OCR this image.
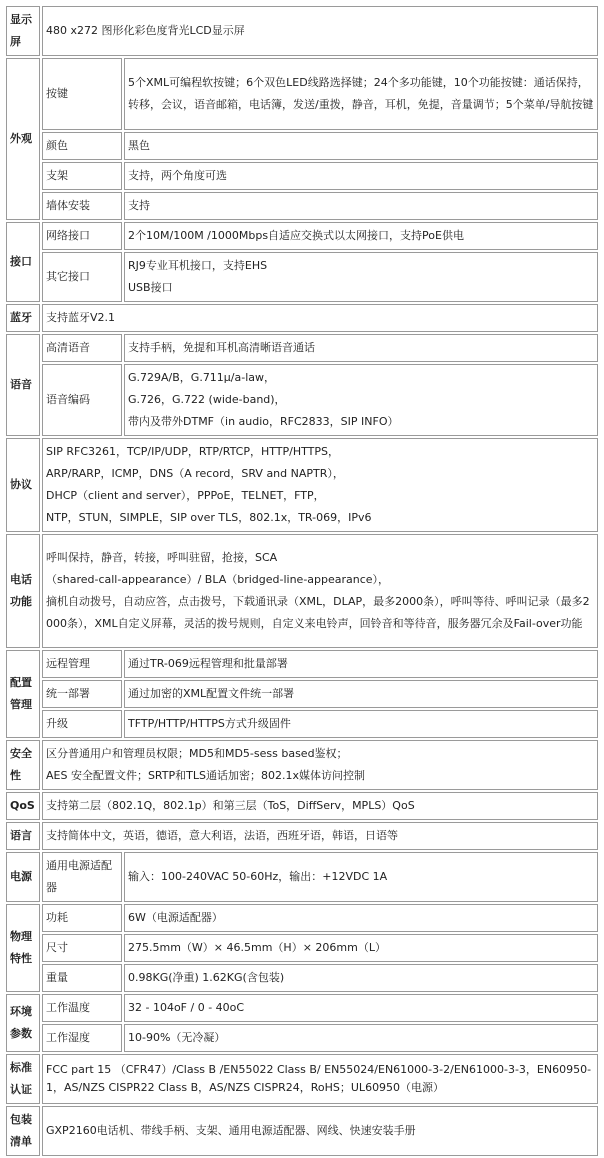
显示屏	480 x272 图形化彩色度背光LCD显示屏	
外观	按键	5个XML可编程软按键；6个双色LED线路选择键；24个多功能键，10个功能按键：通话保持，转移，会议，语音邮箱，电话簿，发送/重拨，静音，耳机，免提，音量调节；5个菜单/导航按键
	颜色	黑色
	支架	支持，两个角度可选
	墙体安装	支持
接口	网络接口	2个10M/100M /1000Mbps自适应交换式以太网接口，支持PoE供电
	其它接口	RJ9专业耳机接口，支持EHS
USB接口

蓝牙	支持蓝牙V2.1	
语音	高清语音	支持手柄，免提和耳机高清晰语音通话
	语音编码	G.729A/B，G.711μ/a-law，
G.726，G.722 (wide-band)，
带内及带外DTMF（in audio，RFC2833，SIP INFO）

协议	SIP RFC3261，TCP/IP/UDP，RTP/RTCP，HTTP/HTTPS，
ARP/RARP，ICMP，DNS（A record，SRV and NAPTR），
DHCP（client and server），PPPoE，TELNET，FTP，
NTP，STUN，SIMPLE，SIP over TLS，802.1x，TR-069，IPv6	

电话功能	呼叫保持，静音，转接，呼叫驻留，抢接，SCA
（shared-call-appearance）/ BLA（bridged-line-appearance），
摘机自动拨号，自动应答，点击拨号，下载通讯录（XML，DLAP，最多2000条），呼叫等待、呼叫记录（最多2000条），XML自定义屏幕，灵活的拨号规则，自定义来电铃声，回铃音和等待音，服务器冗余及Fail-over功能	

配置管理	远程管理	通过TR-069远程管理和批量部署
	统一部署	通过加密的XML配置文件统一部署
	升级	TFTP/HTTP/HTTPS方式升级固件
安全性	区分普通用户和管理员权限；MD5和MD5-sess based鉴权；
AES 安全配置文件；SRTP和TLS通话加密；802.1x媒体访问控制	

QoS	支持第二层（802.1Q，802.1p）和第三层（ToS，DiffServ，MPLS）QoS	
语言	支持简体中文，英语，德语，意大利语，法语，西班牙语，韩语，日语等	
电源	通用电源适配器	输入：100-240VAC 50-60Hz，输出：+12VDC 1A
物理特性	功耗	6W（电源适配器）
	尺寸	275.5mm（W）× 46.5mm（H）× 206mm（L）
	重量	0.98KG(净重) 1.62KG(含包装)
环境参数	工作温度	32 - 104oF / 0 - 40oC
	工作湿度	10-90%（无冷凝）
标准认证	FCC part 15 （CFR47）/Class B /EN55022 Class B/ EN55024/EN61000-3-2/EN61000-3-3，EN60950-1，AS/NZS CISPR22 Class B，AS/NZS CISPR24，RoHS；UL60950（电源）	
包装清单	GXP2160电话机、带线手柄、支架、通用电源适配器、网线、快速安装手册	
